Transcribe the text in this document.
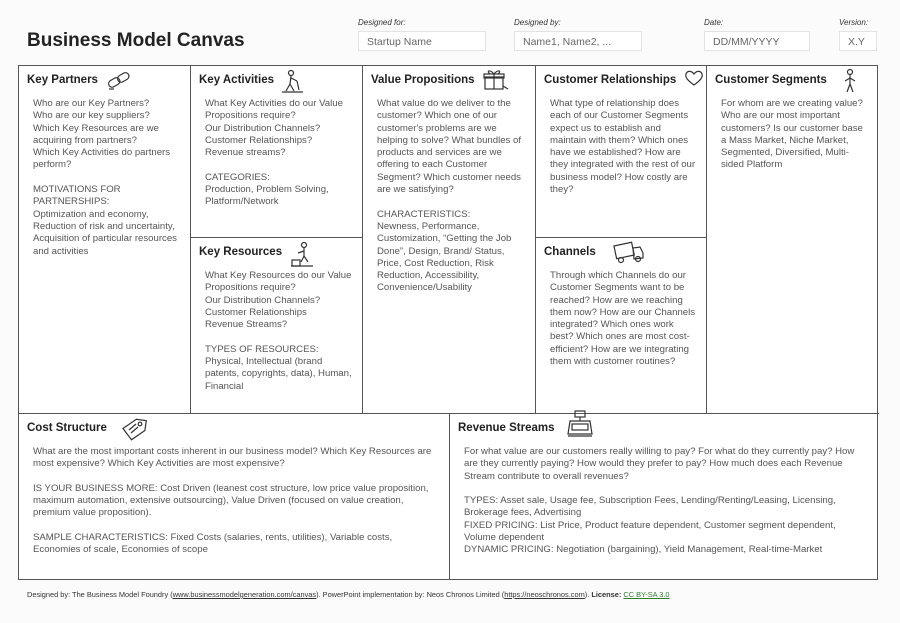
Business Model Canvas
Designed for:
Startup Name
Designed by:
Name1, Name2, ...
Date:
DD/MM/YYYY
Version:
X.Y
Key Partners
Who are our Key Partners?
Who are our key suppliers?
Which Key Resources are we acquiring from partners?
Which Key Activities do partners perform?

MOTIVATIONS FOR PARTNERSHIPS:
Optimization and economy, Reduction of risk and uncertainty, Acquisition of particular resources and activities
Key Activities
What Key Activities do our Value Propositions require?
Our Distribution Channels?
Customer Relationships?
Revenue streams?

CATEGORIES:
Production, Problem Solving, Platform/Network
Key Resources
What Key Resources do our Value Propositions require?
Our Distribution Channels?
Customer Relationships
Revenue Streams?

TYPES OF RESOURCES:
Physical, Intellectual (brand patents, copyrights, data), Human, Financial
Value Propositions
What value do we deliver to the customer? Which one of our customer's problems are we helping to solve? What bundles of products and services are we offering to each Customer Segment? Which customer needs are we satisfying?

CHARACTERISTICS:
Newness, Performance, Customization, “Getting the Job Done”, Design, Brand/ Status, Price, Cost Reduction, Risk Reduction, Accessibility, Convenience/Usability
Customer Relationships
What type of relationship does each of our Customer Segments expect us to establish and maintain with them? Which ones have we established? How are they integrated with the rest of our business model? How costly are they?
Channels
Through which Channels do our Customer Segments want to be reached? How are we reaching them now? How are our Channels integrated? Which ones work best? Which ones are most cost-efficient? How are we integrating them with customer routines?
Customer Segments
For whom are we creating value? Who are our most important customers? Is our customer base a Mass Market, Niche Market, Segmented, Diversified, Multi-sided Platform
Cost Structure
What are the most important costs inherent in our business model? Which Key Resources are most expensive? Which Key Activities are most expensive?

IS YOUR BUSINESS MORE: Cost Driven (leanest cost structure, low price value proposition, maximum automation, extensive outsourcing), Value Driven (focused on value creation, premium value proposition).

SAMPLE CHARACTERISTICS: Fixed Costs (salaries, rents, utilities), Variable costs, Economies of scale, Economies of scope
Revenue Streams
For what value are our customers really willing to pay? For what do they currently pay? How are they currently paying? How would they prefer to pay? How much does each Revenue Stream contribute to overall revenues?

TYPES: Asset sale, Usage fee, Subscription Fees, Lending/Renting/Leasing, Licensing, Brokerage fees, Advertising
FIXED PRICING: List Price, Product feature dependent, Customer segment dependent, Volume dependent
DYNAMIC PRICING: Negotiation (bargaining), Yield Management, Real-time-Market
Designed by: The Business Model Foundry (www.businessmodelgeneration.com/canvas). PowerPoint implementation by: Neos Chronos Limited (https://neoschronos.com). License: CC BY-SA 3.0
